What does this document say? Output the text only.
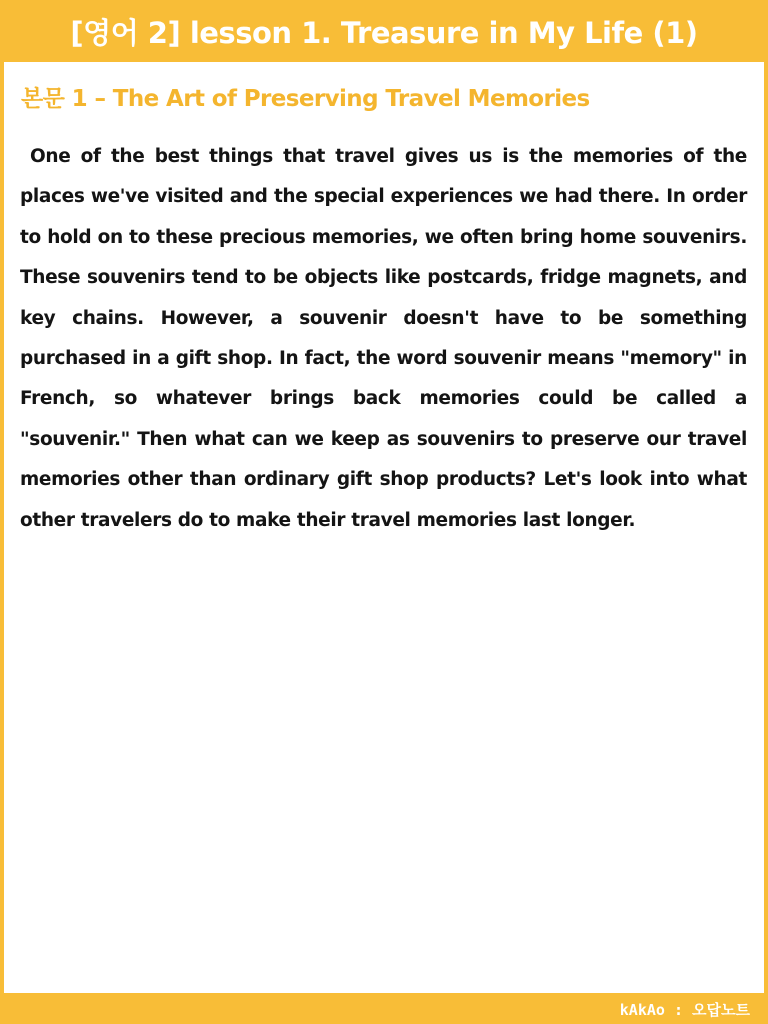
[영어 2] lesson 1. Treasure in My Life (1)
본문 1 – The Art of Preserving Travel Memories

One of the best things that travel gives us is the memories of the places we've visited and the special experiences we had there. In order to hold on to these precious memories, we often bring home souvenirs. These souvenirs tend to be objects like postcards, fridge magnets, and key chains. However, a souvenir doesn't have to be something purchased in a gift shop. In fact, the word souvenir means "memory" in French, so whatever brings back memories could be called a "souvenir." Then what can we keep as souvenirs to preserve our travel memories other than ordinary gift shop products? Let's look into what other travelers do to make their travel memories last longer.

kAkAo : 오답노트
